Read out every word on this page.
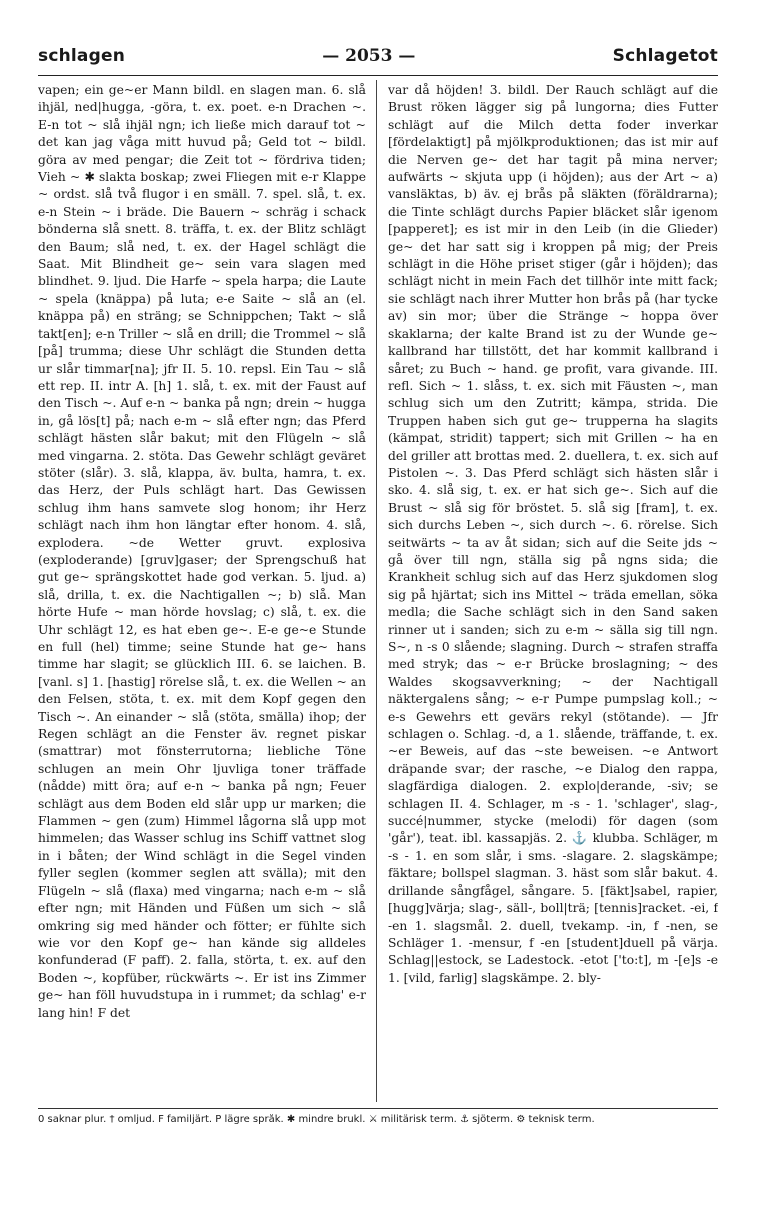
schlagen	— 2053 —	Schlagetot
vapen; ein ge~er Mann bildl. en slagen man. 6. slå ihjäl, ned|hugga, -göra, t. ex. poet. e-n Drachen ~. E-n tot ~ slå ihjäl ngn; ich ließe mich darauf tot ~ det kan jag våga mitt huvud på; Geld tot ~ bildl. göra av med pengar; die Zeit tot ~ fördriva tiden; Vieh ~ ✱ slakta boskap; zwei Fliegen mit e-r Klappe ~ ordst. slå två flugor i en smäll. 7. spel. slå, t. ex. e-n Stein ~ i bräde. Die Bauern ~ schräg i schack bönderna slå snett. 8. träffa, t. ex. der Blitz schlägt den Baum; slå ned, t. ex. der Hagel schlägt die Saat. Mit Blindheit ge~ sein vara slagen med blindhet. 9. ljud. Die Harfe ~ spela harpa; die Laute ~ spela (knäppa) på luta; e-e Saite ~ slå an (el. knäppa på) en sträng; se Schnippchen; Takt ~ slå takt[en]; e-n Triller ~ slå en drill; die Trommel ~ slå [på] trumma; diese Uhr schlägt die Stunden detta ur slår timmar[na]; jfr II. 5. 10. repsl. Ein Tau ~ slå ett rep. II. intr A. [h] 1. slå, t. ex. mit der Faust auf den Tisch ~. Auf e-n ~ banka på ngn; drein ~ hugga in, gå lös[t] på; nach e-m ~ slå efter ngn; das Pferd schlägt hästen slår bakut; mit den Flügeln ~ slå med vingarna. 2. stöta. Das Gewehr schlägt geväret stöter (slår). 3. slå, klappa, äv. bulta, hamra, t. ex. das Herz, der Puls schlägt hart. Das Gewissen schlug ihm hans samvete slog honom; ihr Herz schlägt nach ihm hon längtar efter honom. 4. slå, explodera. ~de Wetter gruvt. explosiva (exploderande) [gruv]gaser; der Sprengschuß hat gut ge~ sprängskottet hade god verkan. 5. ljud. a) slå, drilla, t. ex. die Nachtigallen ~; b) slå. Man hörte Hufe ~ man hörde hovslag; c) slå, t. ex. die Uhr schlägt 12, es hat eben ge~. E-e ge~e Stunde en full (hel) timme; seine Stunde hat ge~ hans timme har slagit; se glücklich III. 6. se laichen. B. [vanl. s] 1. [hastig] rörelse slå, t. ex. die Wellen ~ an den Felsen, stöta, t. ex. mit dem Kopf gegen den Tisch ~. An einander ~ slå (stöta, smälla) ihop; der Regen schlägt an die Fenster äv. regnet piskar (smattrar) mot fönsterrutorna; liebliche Töne schlugen an mein Ohr ljuvliga toner träffade (nådde) mitt öra; auf e-n ~ banka på ngn; Feuer schlägt aus dem Boden eld slår upp ur marken; die Flammen ~ gen (zum) Himmel lågorna slå upp mot himmelen; das Wasser schlug ins Schiff vattnet slog in i båten; der Wind schlägt in die Segel vinden fyller seglen (kommer seglen att svälla); mit den Flügeln ~ slå (flaxa) med vingarna; nach e-m ~ slå efter ngn; mit Händen und Füßen um sich ~ slå omkring sig med händer och fötter; er fühlte sich wie vor den Kopf ge~ han kände sig alldeles konfunderad (F paff). 2. falla, störta, t. ex. auf den Boden ~, kopfüber, rückwärts ~. Er ist ins Zimmer ge~ han föll huvudstupa in i rummet; da schlag' e-r lang hin! F det
var då höjden! 3. bildl. Der Rauch schlägt auf die Brust röken lägger sig på lungorna; dies Futter schlägt auf die Milch detta foder inverkar [fördelaktigt] på mjölkproduktionen; das ist mir auf die Nerven ge~ det har tagit på mina nerver; aufwärts ~ skjuta upp (i höjden); aus der Art ~ a) vansläktas, b) äv. ej brås på släkten (föräldrarna); die Tinte schlägt durchs Papier bläcket slår igenom [papperet]; es ist mir in den Leib (in die Glieder) ge~ det har satt sig i kroppen på mig; der Preis schlägt in die Höhe priset stiger (går i höjden); das schlägt nicht in mein Fach det tillhör inte mitt fack; sie schlägt nach ihrer Mutter hon brås på (har tycke av) sin mor; über die Stränge ~ hoppa över skaklarna; der kalte Brand ist zu der Wunde ge~ kallbrand har tillstött, det har kommit kallbrand i såret; zu Buch ~ hand. ge profit, vara givande. III. refl. Sich ~ 1. slåss, t. ex. sich mit Fäusten ~, man schlug sich um den Zutritt; kämpa, strida. Die Truppen haben sich gut ge~ trupperna ha slagits (kämpat, stridit) tappert; sich mit Grillen ~ ha en del griller att brottas med. 2. duellera, t. ex. sich auf Pistolen ~. 3. Das Pferd schlägt sich hästen slår i sko. 4. slå sig, t. ex. er hat sich ge~. Sich auf die Brust ~ slå sig för bröstet. 5. slå sig [fram], t. ex. sich durchs Leben ~, sich durch ~. 6. rörelse. Sich seitwärts ~ ta av åt sidan; sich auf die Seite jds ~ gå över till ngn, ställa sig på ngns sida; die Krankheit schlug sich auf das Herz sjukdomen slog sig på hjärtat; sich ins Mittel ~ träda emellan, söka medla; die Sache schlägt sich in den Sand saken rinner ut i sanden; sich zu e-m ~ sälla sig till ngn. S~, n -s 0 slående; slagning. Durch ~ strafen straffa med stryk; das ~ e-r Brücke broslagning; ~ des Waldes skogsavverkning; ~ der Nachtigall näktergalens sång; ~ e-r Pumpe pumpslag koll.; ~ e-s Gewehrs ett gevärs rekyl (stötande). — Jfr schlagen o. Schlag. -d, a 1. slående, träffande, t. ex. ~er Beweis, auf das ~ste beweisen. ~e Antwort dräpande svar; der rasche, ~e Dialog den rappa, slagfärdiga dialogen. 2. explo|derande, -siv; se schlagen II. 4. Schlager, m -s - 1. 'schlager', slag-, succé|nummer, stycke (melodi) för dagen (som 'går'), teat. ibl. kassapjäs. 2. ⚓ klubba. Schläger, m -s - 1. en som slår, i sms. -slagare. 2. slagskämpe; fäktare; bollspel slagman. 3. häst som slår bakut. 4. drillande sångfågel, sångare. 5. [fäkt]sabel, rapier, [hugg]värja; slag-, säll-, boll|trä; [tennis]racket. -ei, f -en 1. slagsmål. 2. duell, tvekamp. -in, f -nen, se Schläger 1. -mensur, f -en [student]duell på värja. Schlag||estock, se Ladestock. -etot ['to:t], m -[e]s -e 1. [vild, farlig] slagskämpe. 2. bly-
0 saknar plur. † omljud. F familjärt. P lägre språk. ✱ mindre brukl. ⚔ militärisk term. ⚓ sjöterm. ⚙ teknisk term.
